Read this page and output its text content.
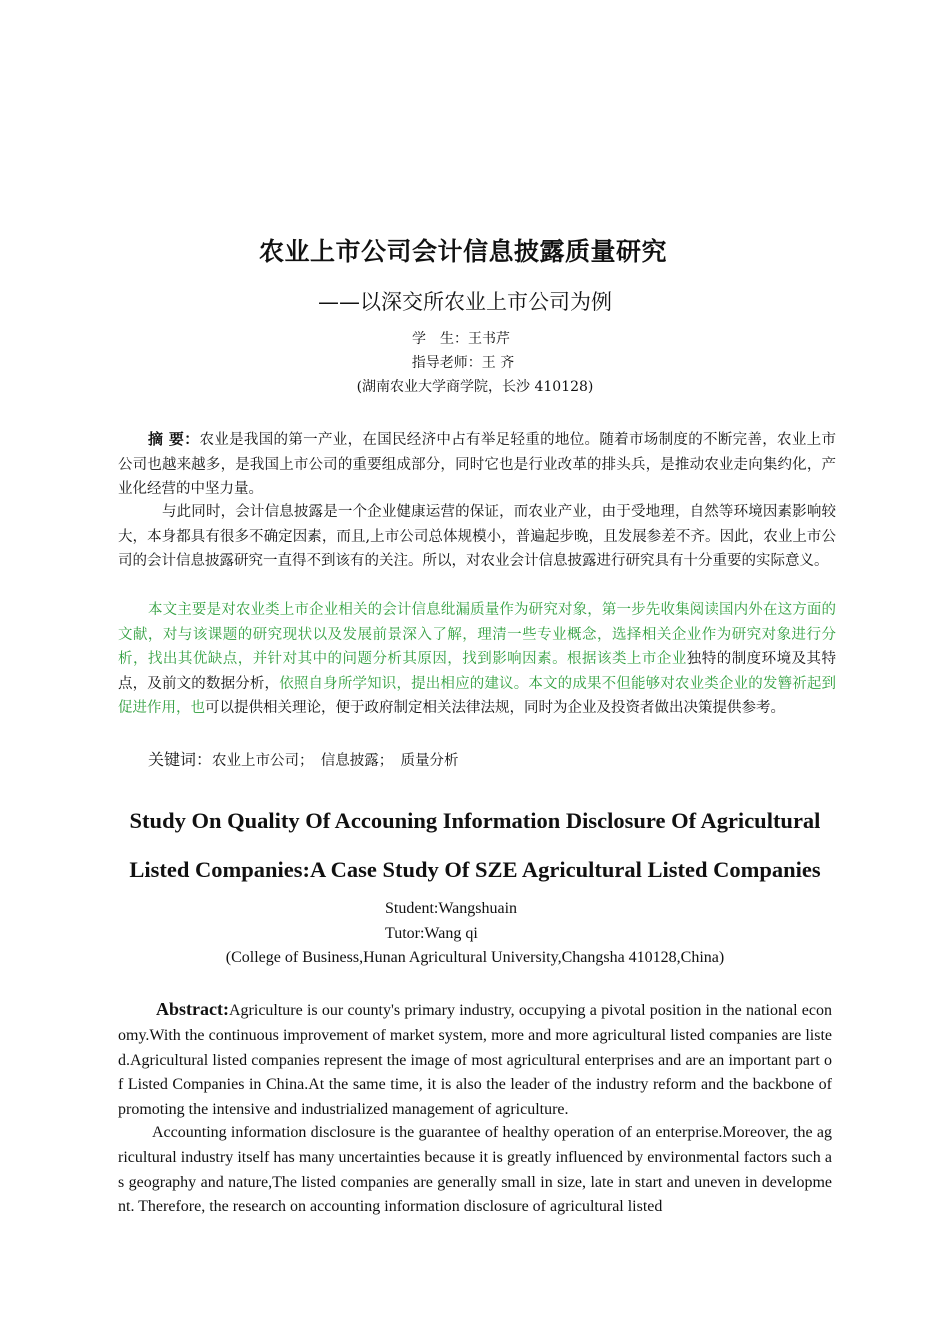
农业上市公司会计信息披露质量研究
——以深交所农业上市公司为例
学　生：王书芹
指导老师：王 齐
(湖南农业大学商学院，长沙 410128)
摘 要：农业是我国的第一产业，在国民经济中占有举足轻重的地位。随着市场制度的不断完善，农业上市公司也越来越多，是我国上市公司的重要组成部分，同时它也是行业改革的排头兵，是推动农业走向集约化，产业化经营的中坚力量。
与此同时，会计信息披露是一个企业健康运营的保证，而农业产业，由于受地理，自然等环境因素影响较大，本身都具有很多不确定因素，而且,上市公司总体规模小，普遍起步晚，且发展参差不齐。因此，农业上市公司的会计信息披露研究一直得不到该有的关注。所以，对农业会计信息披露进行研究具有十分重要的实际意义。
本文主要是对农业类上市企业相关的会计信息纰漏质量作为研究对象，第一步先收集阅读国内外在这方面的文献，对与该课题的研究现状以及发展前景深入了解，理清一些专业概念，选择相关企业作为研究对象进行分析，找出其优缺点，并针对其中的问题分析其原因，找到影响因素。根据该类上市企业独特的制度环境及其特点，及前文的数据分析，依照自身所学知识，提出相应的建议。本文的成果不但能够对农业类企业的发簪祈起到促进作用，也可以提供相关理论，便于政府制定相关法律法规，同时为企业及投资者做出决策提供参考。
关键词：农业上市公司；　信息披露；　质量分析
Study On Quality Of Accouning Information Disclosure Of Agricultural
Listed Companies:A Case Study Of SZE Agricultural Listed Companies
Student:Wangshuain
Tutor:Wang qi
(College of Business,Hunan Agricultural University,Changsha 410128,China)
Abstract:Agriculture is our county's primary industry, occupying a pivotal position in the national economy.With the continuous improvement of market system, more and more agricultural listed companies are listed.Agricultural listed companies represent the image of most agricultural enterprises and are an important part of Listed Companies in China.At the same time, it is also the leader of the industry reform and the backbone of promoting the intensive and industrialized management of agriculture.
Accounting information disclosure is the guarantee of healthy operation of an enterprise.Moreover, the agricultural industry itself has many uncertainties because it is greatly influenced by environmental factors such as geography and nature,The listed companies are generally small in size, late in start and uneven in development. Therefore, the research on accounting information disclosure of agricultural listed
